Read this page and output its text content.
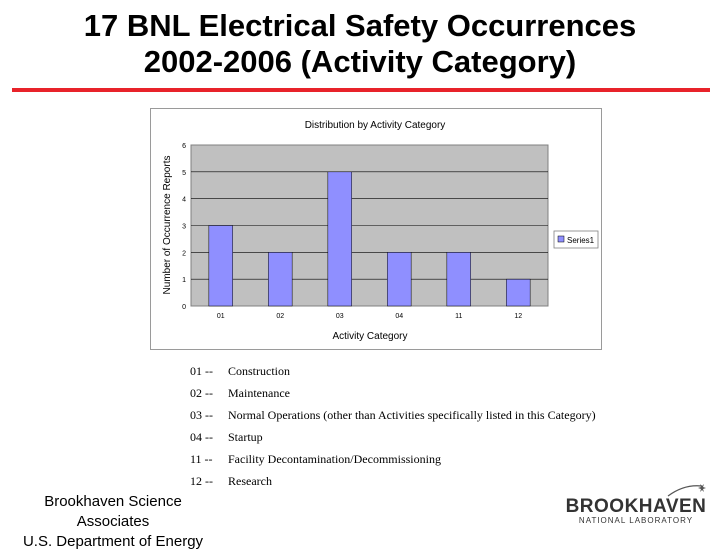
17 BNL Electrical Safety Occurrences
2002-2006 (Activity Category)
Distribution by Activity Category
Number of Occurrence Reports
Activity Category
0
1
2
3
4
5
6
01	02	03	04	11	12
Series1
01 -- Construction
02 -- Maintenance
03 -- Normal Operations (other than Activities specifically listed in this Category)
04 -- Startup
11 -- Facility Decontamination/Decommissioning
12 -- Research
Brookhaven Science
Associates
U.S. Department of Energy
BROOKHAVEN
NATIONAL LABORATORY
